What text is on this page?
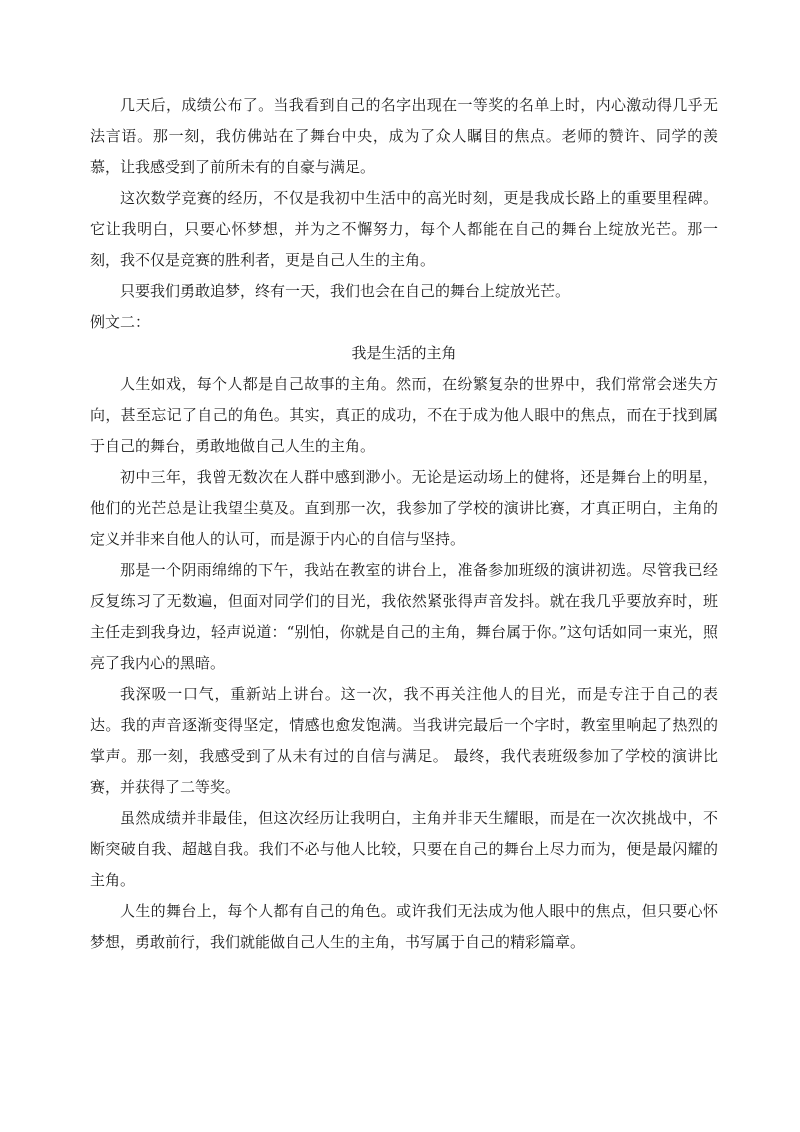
几天后，成绩公布了。当我看到自己的名字出现在一等奖的名单上时，内心激动得几乎无法言语。那一刻，我仿佛站在了舞台中央，成为了众人瞩目的焦点。老师的赞许、同学的羡慕，让我感受到了前所未有的自豪与满足。

这次数学竞赛的经历，不仅是我初中生活中的高光时刻，更是我成长路上的重要里程碑。它让我明白，只要心怀梦想，并为之不懈努力，每个人都能在自己的舞台上绽放光芒。那一刻，我不仅是竞赛的胜利者，更是自己人生的主角。

只要我们勇敢追梦，终有一天，我们也会在自己的舞台上绽放光芒。

例文二：

我是生活的主角

人生如戏，每个人都是自己故事的主角。然而，在纷繁复杂的世界中，我们常常会迷失方向，甚至忘记了自己的角色。其实，真正的成功，不在于成为他人眼中的焦点，而在于找到属于自己的舞台，勇敢地做自己人生的主角。

初中三年，我曾无数次在人群中感到渺小。无论是运动场上的健将，还是舞台上的明星，他们的光芒总是让我望尘莫及。直到那一次，我参加了学校的演讲比赛，才真正明白，主角的定义并非来自他人的认可，而是源于内心的自信与坚持。

那是一个阴雨绵绵的下午，我站在教室的讲台上，准备参加班级的演讲初选。尽管我已经反复练习了无数遍，但面对同学们的目光，我依然紧张得声音发抖。就在我几乎要放弃时，班主任走到我身边，轻声说道：“别怕，你就是自己的主角，舞台属于你。”这句话如同一束光，照亮了我内心的黑暗。

我深吸一口气，重新站上讲台。这一次，我不再关注他人的目光，而是专注于自己的表达。我的声音逐渐变得坚定，情感也愈发饱满。当我讲完最后一个字时，教室里响起了热烈的掌声。那一刻，我感受到了从未有过的自信与满足。 最终，我代表班级参加了学校的演讲比赛，并获得了二等奖。

虽然成绩并非最佳，但这次经历让我明白，主角并非天生耀眼，而是在一次次挑战中，不断突破自我、超越自我。我们不必与他人比较，只要在自己的舞台上尽力而为，便是最闪耀的主角。

人生的舞台上，每个人都有自己的角色。或许我们无法成为他人眼中的焦点，但只要心怀梦想，勇敢前行，我们就能做自己人生的主角，书写属于自己的精彩篇章。
